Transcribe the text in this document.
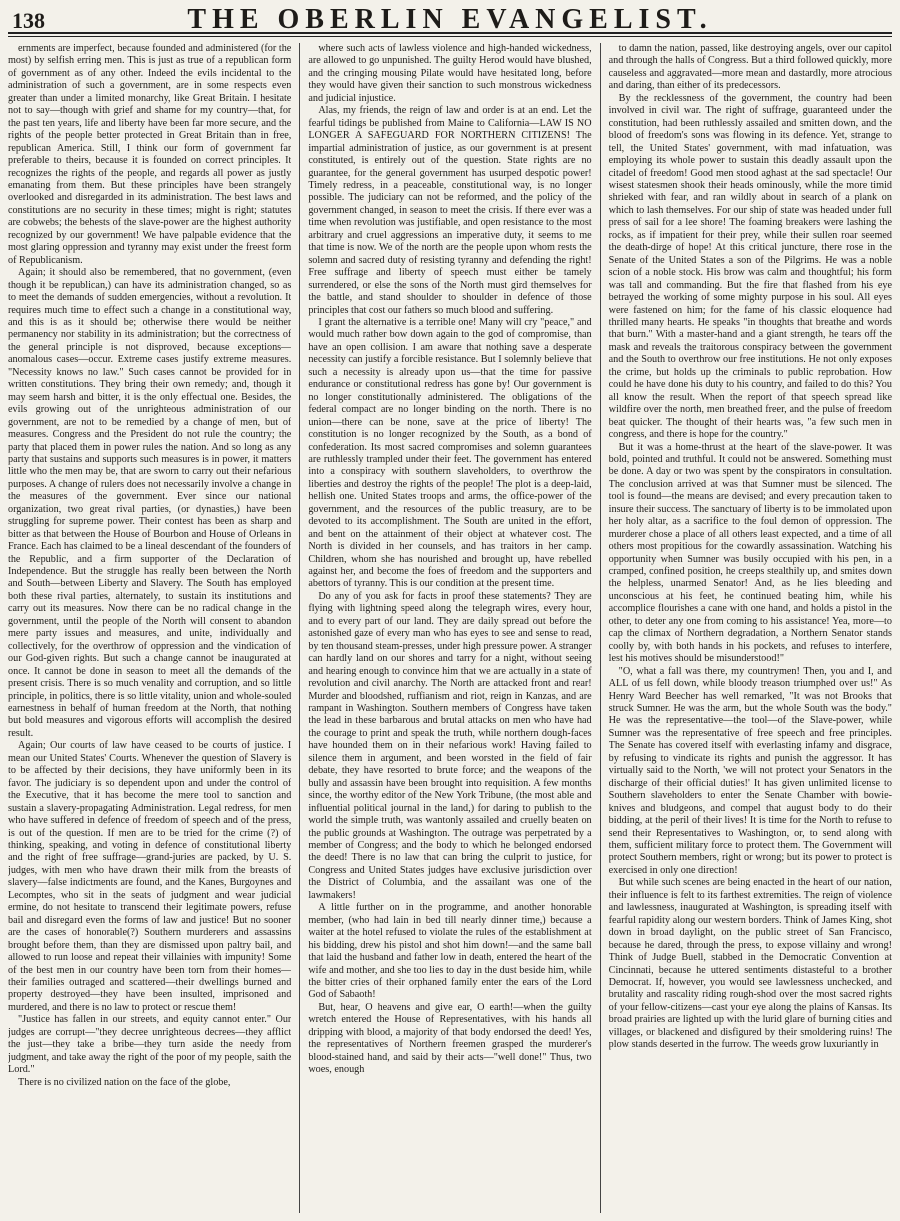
138	THE OBERLIN EVANGELIST.

ernments are imperfect, because founded and administered (for the most) by selfish erring men. This is just as true of a republican form of government as of any other. Indeed the evils incidental to the administration of such a government, are in some respects even greater than under a limited monarchy, like Great Britain. I hesitate not to say—though with grief and shame for my country—that, for the past ten years, life and liberty have been far more secure, and the rights of the people better protected in Great Britain than in free, republican America. Still, I think our form of government far preferable to theirs, because it is founded on correct principles. It recognizes the rights of the people, and regards all power as justly emanating from them. But these principles have been strangely overlooked and disregarded in its administration. The best laws and constitutions are no security in these times; might is right; statutes are cobwebs; the behests of the slave-power are the highest authority recognized by our government! We have palpable evidence that the most glaring oppression and tyranny may exist under the freest form of Republicanism.

Again; it should also be remembered, that no government, (even though it be republican,) can have its administration changed, so as to meet the demands of sudden emergencies, without a revolution. It requires much time to effect such a change in a constitutional way, and this is as it should be; otherwise there would be neither permanency nor stability in its administration; but the correctness of the general principle is not disproved, because exceptions—anomalous cases—occur. Extreme cases justify extreme measures. "Necessity knows no law." Such cases cannot be provided for in written constitutions. They bring their own remedy; and, though it may seem harsh and bitter, it is the only effectual one. Besides, the evils growing out of the unrighteous administration of our government, are not to be remedied by a change of men, but of measures. Congress and the President do not rule the country; the party that placed them in power rules the nation. And so long as any party that sustains and supports such measures is in power, it matters little who the men may be, that are sworn to carry out their nefarious purposes. A change of rulers does not necessarily involve a change in the measures of the government. Ever since our national organization, two great rival parties, (or dynasties,) have been struggling for supreme power. Their contest has been as sharp and bitter as that between the House of Bourbon and House of Orleans in France. Each has claimed to be a lineal descendant of the founders of the Republic, and a firm supporter of the Declaration of Independence. But the struggle has really been between the North and South—between Liberty and Slavery. The South has employed both these rival parties, alternately, to sustain its institutions and carry out its measures. Now there can be no radical change in the government, until the people of the North will consent to abandon mere party issues and measures, and unite, individually and collectively, for the overthrow of oppression and the vindication of our God-given rights. But such a change cannot be inaugurated at once. It cannot be done in season to meet all the demands of the present crisis. There is so much venality and corruption, and so little principle, in politics, there is so little vitality, union and whole-souled earnestness in behalf of human freedom at the North, that nothing but bold measures and vigorous efforts will accomplish the desired result.

Again; Our courts of law have ceased to be courts of justice. I mean our United States' Courts. Whenever the question of Slavery is to be affected by their decisions, they have uniformly been in its favor. The judiciary is so dependent upon and under the control of the Executive, that it has become the mere tool to sanction and sustain a slavery-propagating Administration. Legal redress, for men who have suffered in defence of freedom of speech and of the press, is out of the question. If men are to be tried for the crime (?) of thinking, speaking, and voting in defence of constitutional liberty and the right of free suffrage—grand-juries are packed, by U. S. judges, with men who have drawn their milk from the breasts of slavery—false indictments are found, and the Kanes, Burgoynes and Lecomptes, who sit in the seats of judgment and wear judicial ermine, do not hesitate to transcend their legitimate powers, refuse bail and disregard even the forms of law and justice! But no sooner are the cases of honorable(?) Southern murderers and assassins brought before them, than they are dismissed upon paltry bail, and allowed to run loose and repeat their villainies with impunity! Some of the best men in our country have been torn from their homes—their families outraged and scattered—their dwellings burned and property destroyed—they have been insulted, imprisoned and murdered, and there is no law to protect or rescue them!

"Justice has fallen in our streets, and equity cannot enter." Our judges are corrupt—"they decree unrighteous decrees—they afflict the just—they take a bribe—they turn aside the needy from judgment, and take away the right of the poor of my people, saith the Lord."

There is no civilized nation on the face of the globe,

where such acts of lawless violence and high-handed wickedness, are allowed to go unpunished. The guilty Herod would have blushed, and the cringing mousing Pilate would have hesitated long, before they would have given their sanction to such monstrous wickedness and judicial injustice.

Alas, my friends, the reign of law and order is at an end. Let the fearful tidings be published from Maine to California—LAW IS NO LONGER A SAFEGUARD FOR NORTHERN CITIZENS! The impartial administration of justice, as our government is at present constituted, is entirely out of the question. State rights are no guarantee, for the general government has usurped despotic power! Timely redress, in a peaceable, constitutional way, is no longer possible. The judiciary can not be reformed, and the policy of the government changed, in season to meet the crisis. If there ever was a time when revolution was justifiable, and open resistance to the most arbitrary and cruel aggressions an imperative duty, it seems to me that time is now. We of the north are the people upon whom rests the solemn and sacred duty of resisting tyranny and defending the right! Free suffrage and liberty of speech must either be tamely surrendered, or else the sons of the North must gird themselves for the battle, and stand shoulder to shoulder in defence of those principles that cost our fathers so much blood and suffering.

I grant the alternative is a terrible one! Many will cry "peace," and would much rather bow down again to the god of compromise, than have an open collision. I am aware that nothing save a desperate necessity can justify a forcible resistance. But I solemnly believe that such a necessity is already upon us—that the time for passive endurance or constitutional redress has gone by! Our government is no longer constitutionally administered. The obligations of the federal compact are no longer binding on the north. There is no union—there can be none, save at the price of liberty! The constitution is no longer recognized by the South, as a bond of confederation. Its most sacred compromises and solemn guarantees are ruthlessly trampled under their feet. The government has entered into a conspiracy with southern slaveholders, to overthrow the liberties and destroy the rights of the people! The plot is a deep-laid, hellish one. United States troops and arms, the office-power of the government, and the resources of the public treasury, are to be devoted to its accomplishment. The South are united in the effort, and bent on the attainment of their object at whatever cost. The North is divided in her counsels, and has traitors in her camp. Children, whom she has nourished and brought up, have rebelled against her, and become the foes of freedom and the supporters and abettors of tyranny. This is our condition at the present time.

Do any of you ask for facts in proof these statements? They are flying with lightning speed along the telegraph wires, every hour, and to every part of our land. They are daily spread out before the astonished gaze of every man who has eyes to see and sense to read, by ten thousand steam-presses, under high pressure power. A stranger can hardly land on our shores and tarry for a night, without seeing and hearing enough to convince him that we are actually in a state of revolution and civil anarchy. The North are attacked front and rear! Murder and bloodshed, ruffianism and riot, reign in Kanzas, and are rampant in Washington. Southern members of Congress have taken the lead in these barbarous and brutal attacks on men who have had the courage to print and speak the truth, while northern dough-faces have hounded them on in their nefarious work! Having failed to silence them in argument, and been worsted in the field of fair debate, they have resorted to brute force; and the weapons of the bully and assassin have been brought into requisition. A few months since, the worthy editor of the New York Tribune, (the most able and influential political journal in the land,) for daring to publish to the world the simple truth, was wantonly assailed and cruelly beaten on the public grounds at Washington. The outrage was perpetrated by a member of Congress; and the body to which he belonged endorsed the deed! There is no law that can bring the culprit to justice, for Congress and United States judges have exclusive jurisdiction over the District of Columbia, and the assailant was one of the lawmakers!

A little further on in the programme, and another honorable member, (who had lain in bed till nearly dinner time,) because a waiter at the hotel refused to violate the rules of the establishment at his bidding, drew his pistol and shot him down!—and the same ball that laid the husband and father low in death, entered the heart of the wife and mother, and she too lies to day in the dust beside him, while the bitter cries of their orphaned family enter the ears of the Lord God of Sabaoth!

But, hear, O heavens and give ear, O earth!—when the guilty wretch entered the House of Representatives, with his hands all dripping with blood, a majority of that body endorsed the deed! Yes, the representatives of Northern freemen grasped the murderer's blood-stained hand, and said by their acts—"well done!" Thus, two woes, enough

to damn the nation, passed, like destroying angels, over our capitol and through the halls of Congress. But a third followed quickly, more causeless and aggravated—more mean and dastardly, more atrocious and daring, than either of its predecessors.

By the recklessness of the government, the country had been involved in civil war. The right of suffrage, guaranteed under the constitution, had been ruthlessly assailed and smitten down, and the blood of freedom's sons was flowing in its defence. Yet, strange to tell, the United States' government, with mad infatuation, was employing its whole power to sustain this deadly assault upon the citadel of freedom! Good men stood aghast at the sad spectacle! Our wisest statesmen shook their heads ominously, while the more timid shrieked with fear, and ran wildly about in search of a plank on which to lash themselves. For our ship of state was headed under full press of sail for a lee shore! The foaming breakers were lashing the rocks, as if impatient for their prey, while their sullen roar seemed the death-dirge of hope! At this critical juncture, there rose in the Senate of the United States a son of the Pilgrims. He was a noble scion of a noble stock. His brow was calm and thoughtful; his form was tall and commanding. But the fire that flashed from his eye betrayed the working of some mighty purpose in his soul. All eyes were fastened on him; for the fame of his classic eloquence had thrilled many hearts. He speaks "in thoughts that breathe and words that burn." With a master-hand and a giant strength, he tears off the mask and reveals the traitorous conspiracy between the government and the South to overthrow our free institutions. He not only exposes the crime, but holds up the criminals to public reprobation. How could he have done his duty to his country, and failed to do this? You all know the result. When the report of that speech spread like wildfire over the north, men breathed freer, and the pulse of freedom beat quicker. The thought of their hearts was, "a few such men in congress, and there is hope for the country."

But it was a home-thrust at the heart of the slave-power. It was bold, pointed and truthful. It could not be answered. Something must be done. A day or two was spent by the conspirators in consultation. The conclusion arrived at was that Sumner must be silenced. The tool is found—the means are devised; and every precaution taken to insure their success. The sanctuary of liberty is to be immolated upon her holy altar, as a sacrifice to the foul demon of oppression. The murderer chose a place of all others least expected, and a time of all others most propitious for the cowardly assassination. Watching his opportunity when Sumner was busily occupied with his pen, in a cramped, confined position, he creeps stealthily up, and smites down the helpless, unarmed Senator! And, as he lies bleeding and unconscious at his feet, he continued beating him, while his accomplice flourishes a cane with one hand, and holds a pistol in the other, to deter any one from coming to his assistance! Yea, more—to cap the climax of Northern degradation, a Northern Senator stands coolly by, with both hands in his pockets, and refuses to interfere, lest his motives should be misunderstood!"

"O, what a fall was there, my countrymen! Then, you and I, and ALL of us fell down, while bloody treason triumphed over us!" As Henry Ward Beecher has well remarked, "It was not Brooks that struck Sumner. He was the arm, but the whole South was the body." He was the representative—the tool—of the Slave-power, while Sumner was the representative of free speech and free principles. The Senate has covered itself with everlasting infamy and disgrace, by refusing to vindicate its rights and punish the aggressor. It has virtually said to the North, 'we will not protect your Senators in the discharge of their official duties!' It has given unlimited license to Southern slaveholders to enter the Senate Chamber with bowie-knives and bludgeons, and compel that august body to do their bidding, at the peril of their lives! It is time for the North to refuse to send their Representatives to Washington, or, to send along with them, sufficient military force to protect them. The Government will protect Southern members, right or wrong; but its power to protect is exercised in only one direction!

But while such scenes are being enacted in the heart of our nation, their influence is felt to its farthest extremities. The reign of violence and lawlessness, inaugurated at Washington, is spreading itself with fearful rapidity along our western borders. Think of James King, shot down in broad daylight, on the public street of San Francisco, because he dared, through the press, to expose villainy and wrong! Think of Judge Buell, stabbed in the Democratic Convention at Cincinnati, because he uttered sentiments distasteful to a brother Democrat. If, however, you would see lawlessness unchecked, and brutality and rascality riding rough-shod over the most sacred rights of your fellow-citizens—cast your eye along the plains of Kansas. Its broad prairies are lighted up with the lurid glare of burning cities and villages, or blackened and disfigured by their smoldering ruins! The plow stands deserted in the furrow. The weeds grow luxuriantly in
